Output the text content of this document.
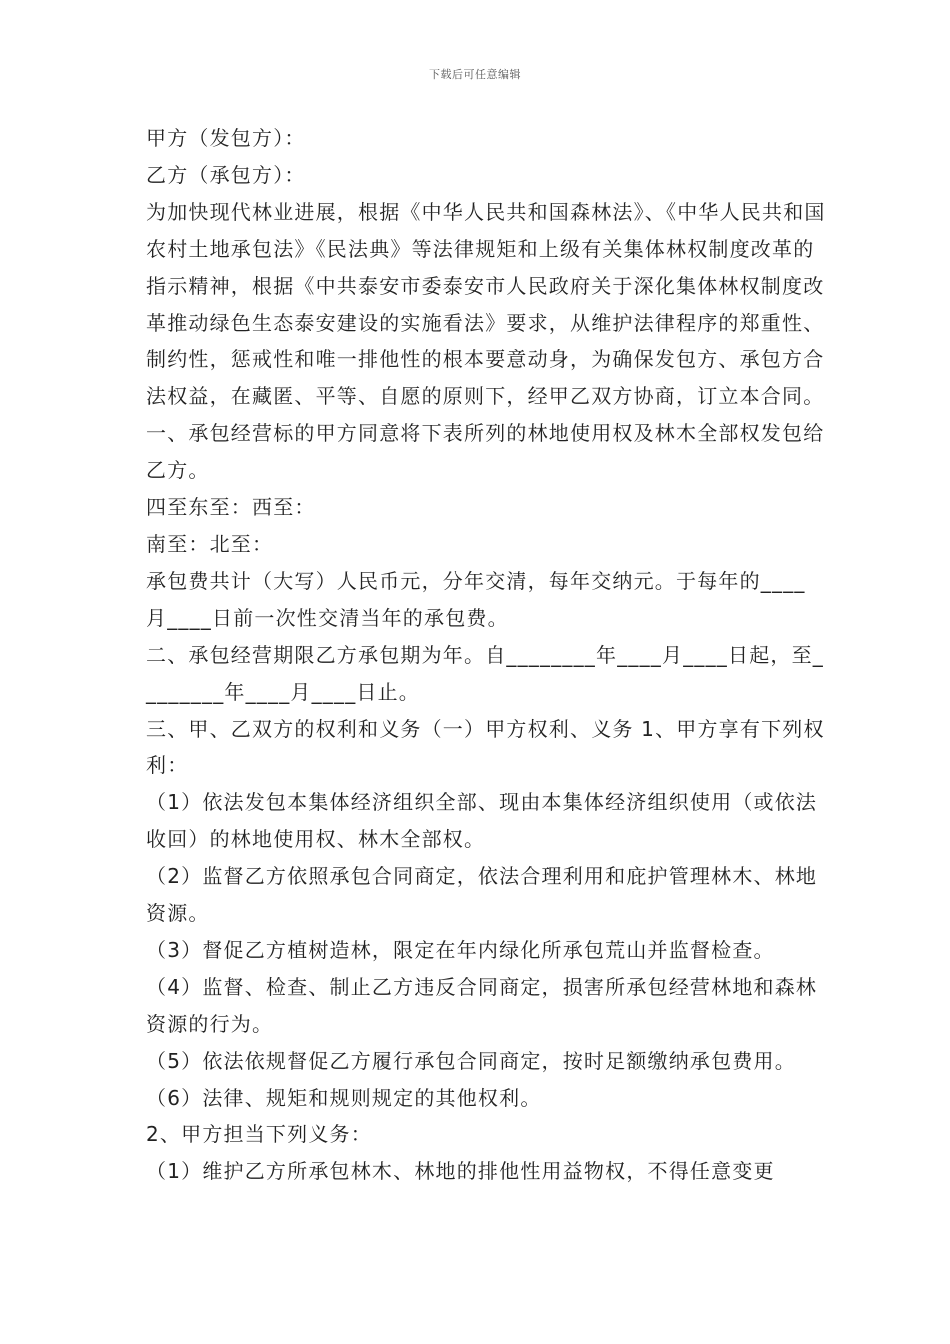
下载后可任意编辑

甲方（发包方）：

乙方（承包方）：

为加快现代林业进展，根据《中华人民共和国森林法》、《中华人民共和国农村土地承包法》《民法典》等法律规矩和上级有关集体林权制度改革的指示精神，根据《中共泰安市委泰安市人民政府关于深化集体林权制度改革推动绿色生态泰安建设的实施看法》要求，从维护法律程序的郑重性、制约性，惩戒性和唯一排他性的根本要意动身，为确保发包方、承包方合法权益，在藏匿、平等、自愿的原则下，经甲乙双方协商，订立本合同。

一、承包经营标的甲方同意将下表所列的林地使用权及林木全部权发包给乙方。

四至东至：西至：

南至：北至：

承包费共计（大写）人民币元，分年交清，每年交纳元。于每年的____月____日前一次性交清当年的承包费。

二、承包经营期限乙方承包期为年。自________年____月____日起，至________年____月____日止。

三、甲、乙双方的权利和义务（一）甲方权利、义务 1、甲方享有下列权利：

（1）依法发包本集体经济组织全部、现由本集体经济组织使用（或依法收回）的林地使用权、林木全部权。

（2）监督乙方依照承包合同商定，依法合理利用和庇护管理林木、林地资源。

（3）督促乙方植树造林，限定在年内绿化所承包荒山并监督检查。

（4）监督、检查、制止乙方违反合同商定，损害所承包经营林地和森林资源的行为。

（5）依法依规督促乙方履行承包合同商定，按时足额缴纳承包费用。

（6）法律、规矩和规则规定的其他权利。

2、甲方担当下列义务：

（1）维护乙方所承包林木、林地的排他性用益物权，不得任意变更
